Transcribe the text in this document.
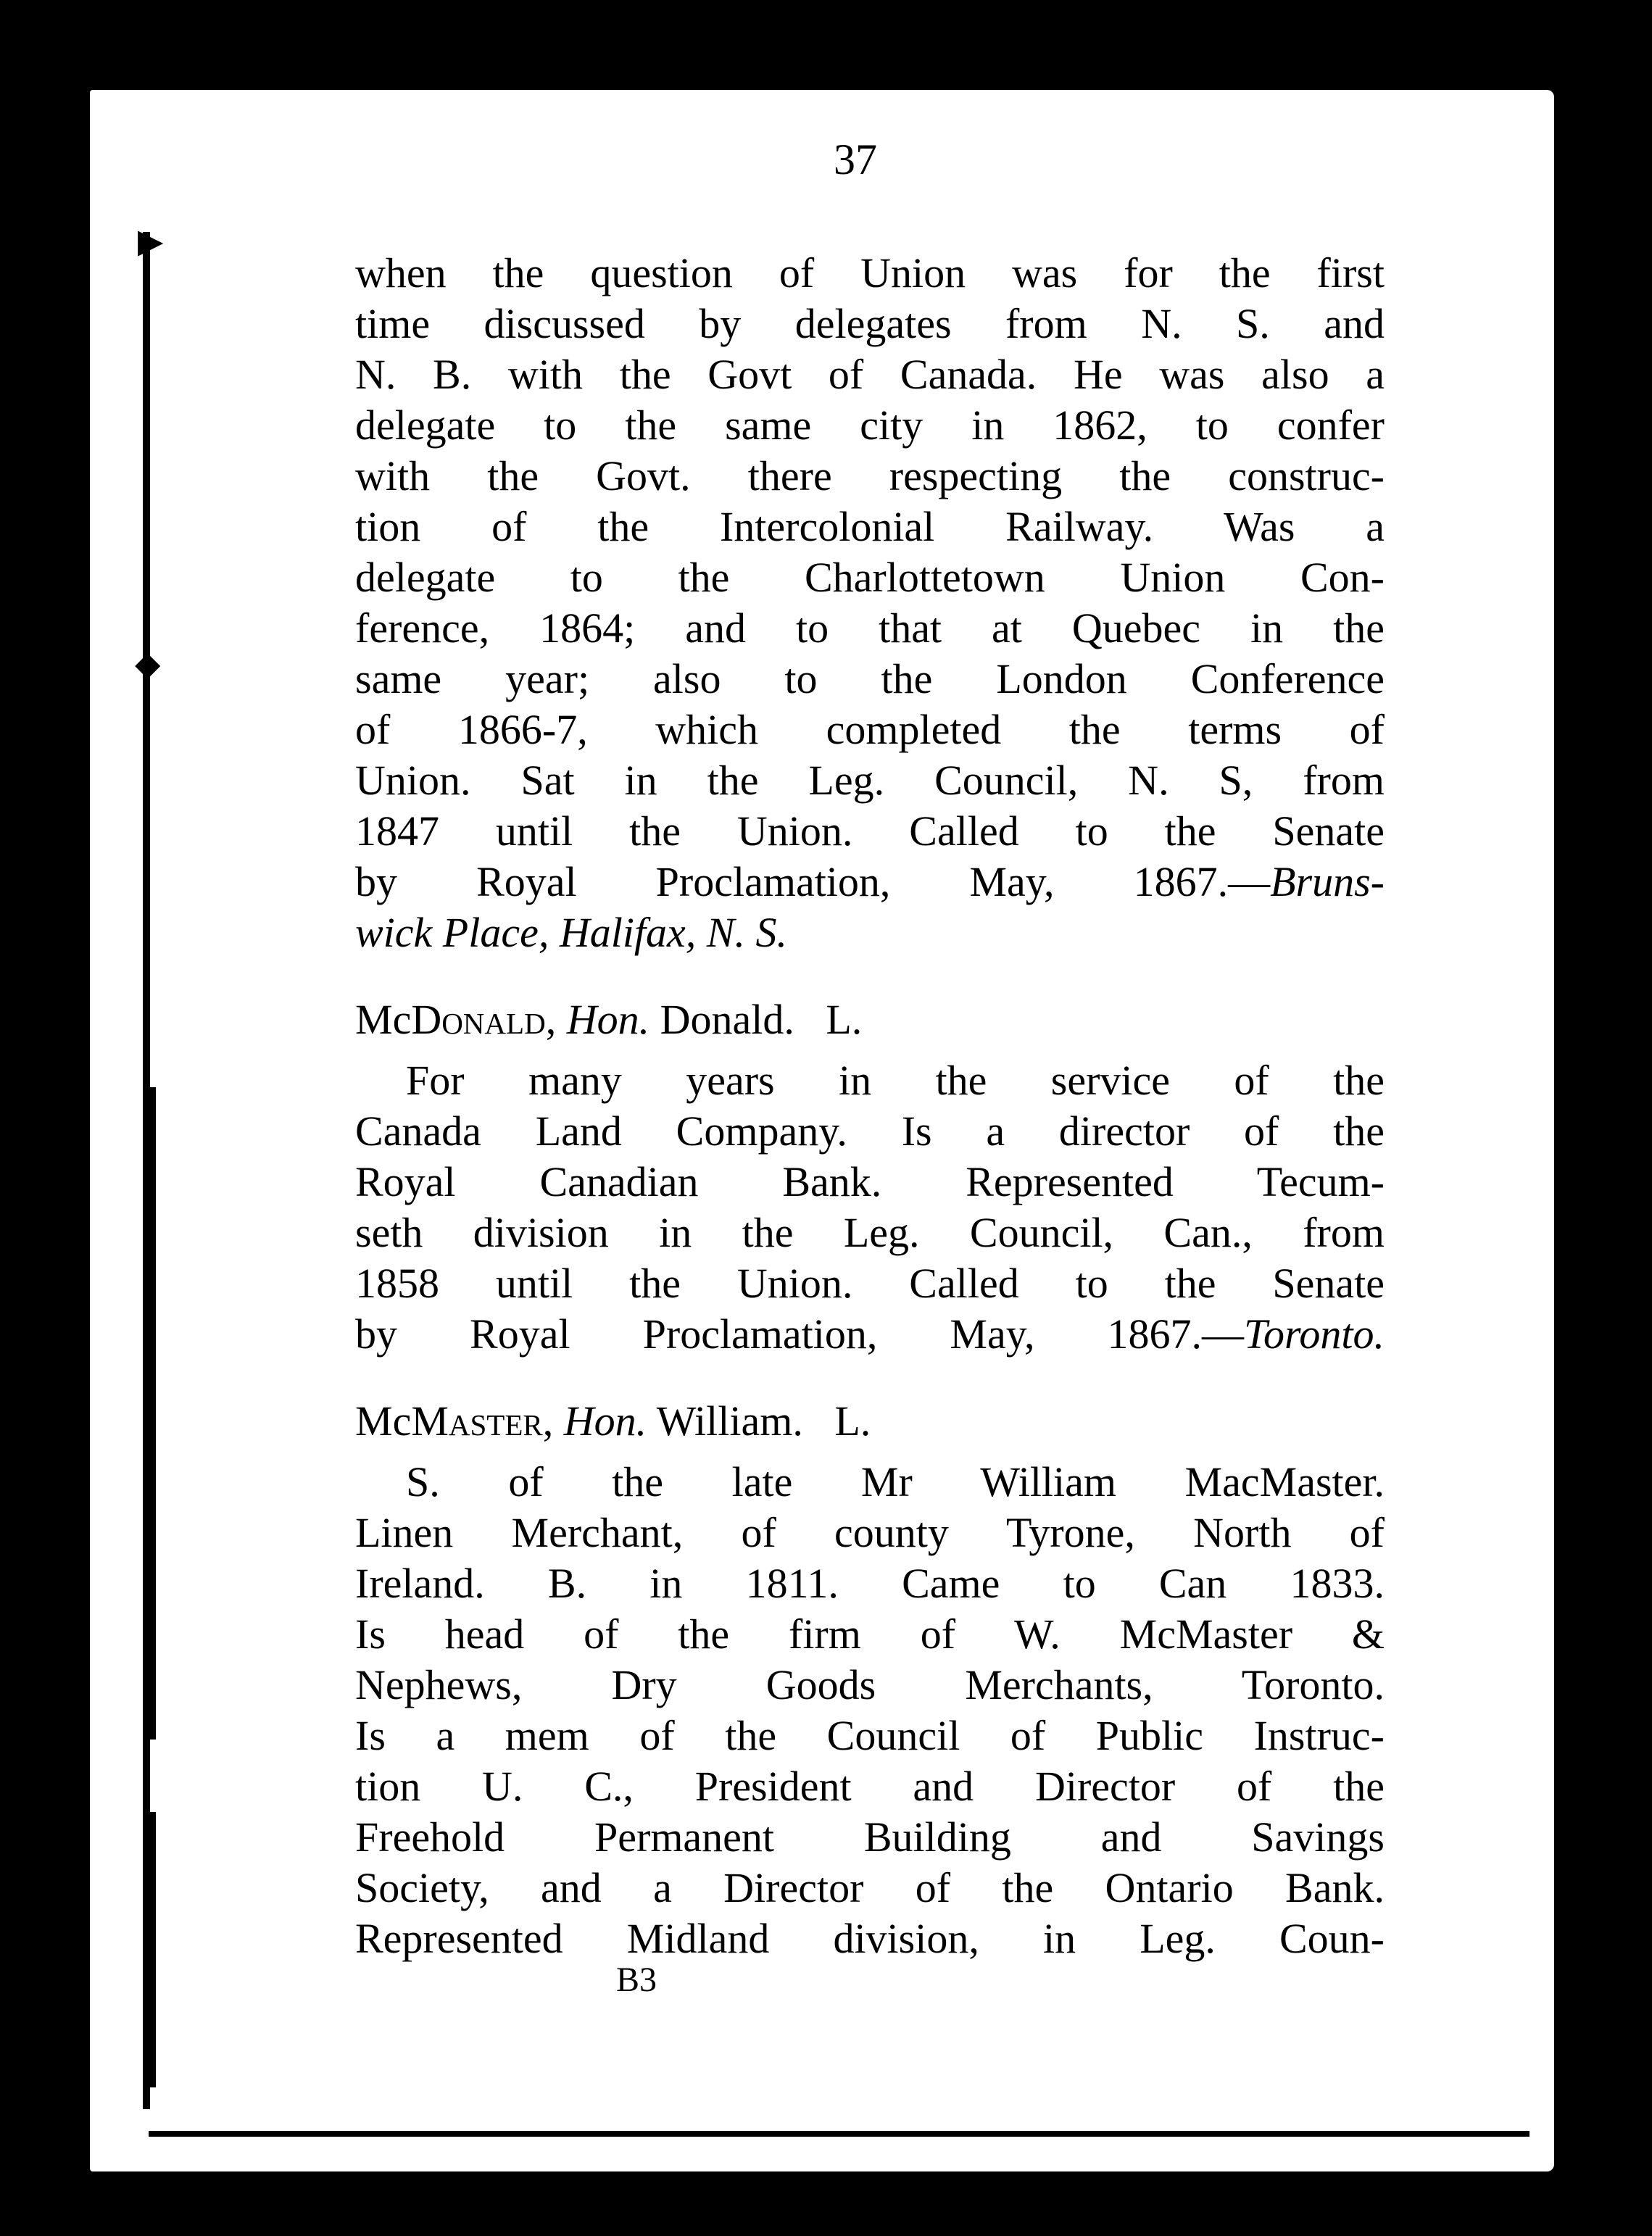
▶
◆
37
when the question of Union was for the first
time discussed by delegates from N. S. and
N. B. with the Govt of Canada. He was also a
delegate to the same city in 1862, to confer
with the Govt. there respecting the construc-
tion of the Intercolonial Railway. Was a
delegate to the Charlottetown Union Con-
ference, 1864; and to that at Quebec in the
same year; also to the London Conference
of 1866-7, which completed the terms of
Union. Sat in the Leg. Council, N. S, from
1847 until the Union. Called to the Senate
by Royal Proclamation, May, 1867.—Bruns-
wick Place, Halifax, N. S.
McDonald, Hon. Donald. L.
For many years in the service of the
Canada Land Company. Is a director of the
Royal Canadian Bank. Represented Tecum-
seth division in the Leg. Council, Can., from
1858 until the Union. Called to the Senate
by Royal Proclamation, May, 1867.—Toronto.
McMaster, Hon. William. L.
S. of the late Mr William MacMaster.
Linen Merchant, of county Tyrone, North of
Ireland. B. in 1811. Came to Can 1833.
Is head of the firm of W. McMaster &
Nephews, Dry Goods Merchants, Toronto.
Is a mem of the Council of Public Instruc-
tion U. C., President and Director of the
Freehold Permanent Building and Savings
Society, and a Director of the Ontario Bank.
Represented Midland division, in Leg. Coun-
B3
